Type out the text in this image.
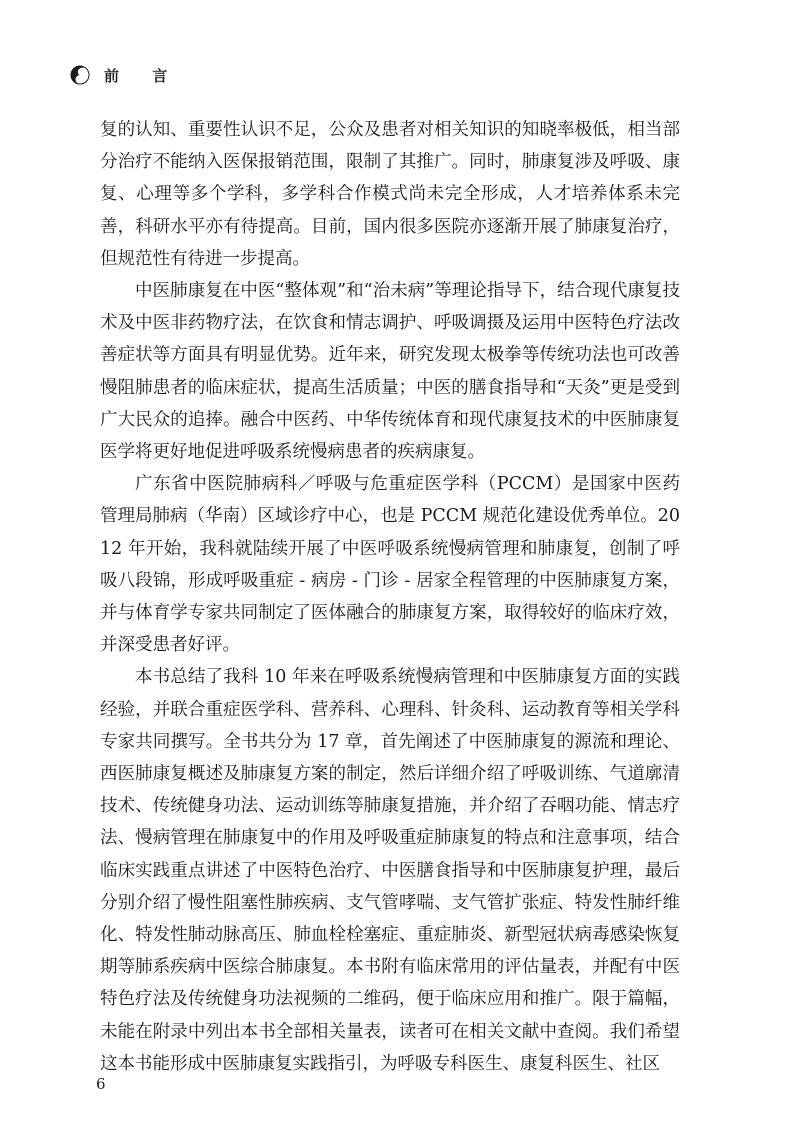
前 言

复的认知、重要性认识不足，公众及患者对相关知识的知晓率极低，相当部分治疗不能纳入医保报销范围，限制了其推广。同时，肺康复涉及呼吸、康复、心理等多个学科，多学科合作模式尚未完全形成，人才培养体系未完善，科研水平亦有待提高。目前，国内很多医院亦逐渐开展了肺康复治疗，但规范性有待进一步提高。

中医肺康复在中医“整体观”和“治未病”等理论指导下，结合现代康复技术及中医非药物疗法，在饮食和情志调护、呼吸调摄及运用中医特色疗法改善症状等方面具有明显优势。近年来，研究发现太极拳等传统功法也可改善慢阻肺患者的临床症状，提高生活质量；中医的膳食指导和“天灸”更是受到广大民众的追捧。融合中医药、中华传统体育和现代康复技术的中医肺康复医学将更好地促进呼吸系统慢病患者的疾病康复。

广东省中医院肺病科／呼吸与危重症医学科（PCCM）是国家中医药管理局肺病（华南）区域诊疗中心，也是 PCCM 规范化建设优秀单位。2012 年开始，我科就陆续开展了中医呼吸系统慢病管理和肺康复，创制了呼吸八段锦，形成呼吸重症 - 病房 - 门诊 - 居家全程管理的中医肺康复方案，并与体育学专家共同制定了医体融合的肺康复方案，取得较好的临床疗效，并深受患者好评。

本书总结了我科 10 年来在呼吸系统慢病管理和中医肺康复方面的实践经验，并联合重症医学科、营养科、心理科、针灸科、运动教育等相关学科专家共同撰写。全书共分为 17 章，首先阐述了中医肺康复的源流和理论、西医肺康复概述及肺康复方案的制定，然后详细介绍了呼吸训练、气道廓清技术、传统健身功法、运动训练等肺康复措施，并介绍了吞咽功能、情志疗法、慢病管理在肺康复中的作用及呼吸重症肺康复的特点和注意事项，结合临床实践重点讲述了中医特色治疗、中医膳食指导和中医肺康复护理，最后分别介绍了慢性阻塞性肺疾病、支气管哮喘、支气管扩张症、特发性肺纤维化、特发性肺动脉高压、肺血栓栓塞症、重症肺炎、新型冠状病毒感染恢复期等肺系疾病中医综合肺康复。本书附有临床常用的评估量表，并配有中医特色疗法及传统健身功法视频的二维码，便于临床应用和推广。限于篇幅，未能在附录中列出本书全部相关量表，读者可在相关文献中查阅。我们希望这本书能形成中医肺康复实践指引，为呼吸专科医生、康复科医生、社区

6
